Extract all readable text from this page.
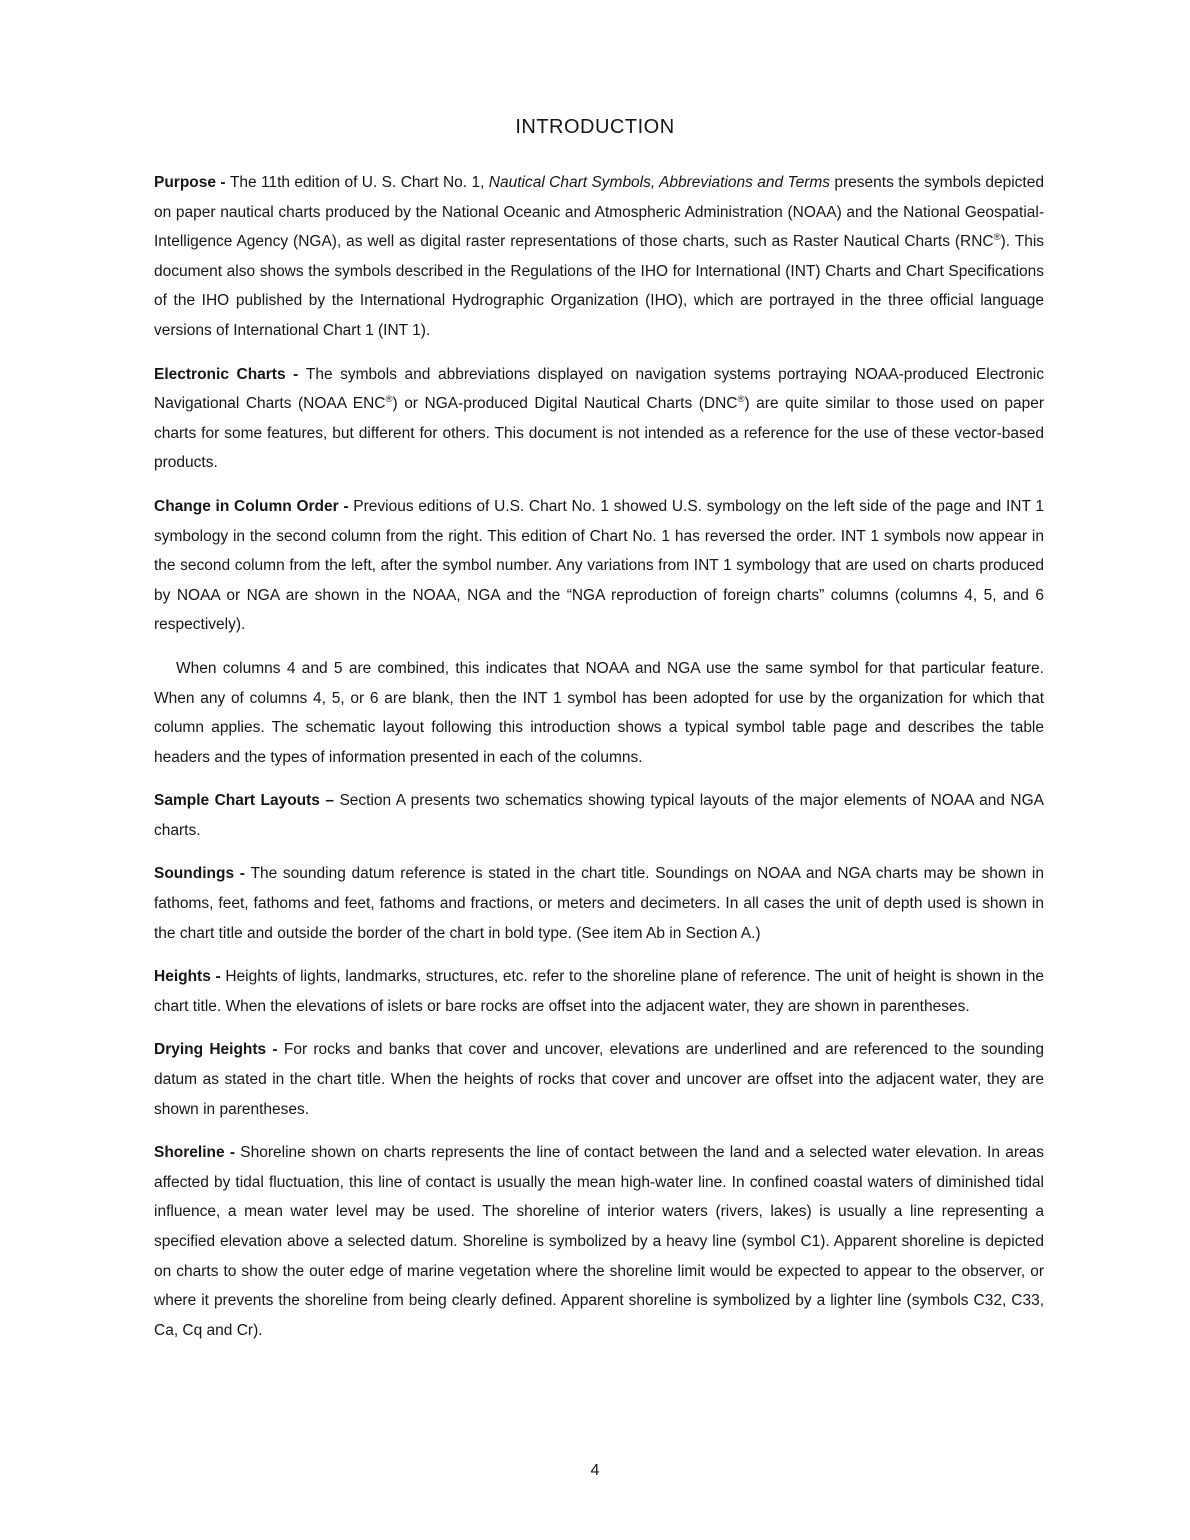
INTRODUCTION
Purpose - The 11th edition of U. S. Chart No. 1, Nautical Chart Symbols, Abbreviations and Terms presents the symbols depicted on paper nautical charts produced by the National Oceanic and Atmospheric Administration (NOAA) and the National Geospatial-Intelligence Agency (NGA), as well as digital raster representations of those charts, such as Raster Nautical Charts (RNC®). This document also shows the symbols described in the Regulations of the IHO for International (INT) Charts and Chart Specifications of the IHO published by the International Hydrographic Organization (IHO), which are portrayed in the three official language versions of International Chart 1 (INT 1).
Electronic Charts - The symbols and abbreviations displayed on navigation systems portraying NOAA-produced Electronic Navigational Charts (NOAA ENC®) or NGA-produced Digital Nautical Charts (DNC®) are quite similar to those used on paper charts for some features, but different for others. This document is not intended as a reference for the use of these vector-based products.
Change in Column Order - Previous editions of U.S. Chart No. 1 showed U.S. symbology on the left side of the page and INT 1 symbology in the second column from the right. This edition of Chart No. 1 has reversed the order. INT 1 symbols now appear in the second column from the left, after the symbol number. Any variations from INT 1 symbology that are used on charts produced by NOAA or NGA are shown in the NOAA, NGA and the “NGA reproduction of foreign charts” columns (columns 4, 5, and 6 respectively).
When columns 4 and 5 are combined, this indicates that NOAA and NGA use the same symbol for that particular feature. When any of columns 4, 5, or 6 are blank, then the INT 1 symbol has been adopted for use by the organization for which that column applies. The schematic layout following this introduction shows a typical symbol table page and describes the table headers and the types of information presented in each of the columns.
Sample Chart Layouts – Section A presents two schematics showing typical layouts of the major elements of NOAA and NGA charts.
Soundings - The sounding datum reference is stated in the chart title. Soundings on NOAA and NGA charts may be shown in fathoms, feet, fathoms and feet, fathoms and fractions, or meters and decimeters. In all cases the unit of depth used is shown in the chart title and outside the border of the chart in bold type. (See item Ab in Section A.)
Heights - Heights of lights, landmarks, structures, etc. refer to the shoreline plane of reference. The unit of height is shown in the chart title. When the elevations of islets or bare rocks are offset into the adjacent water, they are shown in parentheses.
Drying Heights - For rocks and banks that cover and uncover, elevations are underlined and are referenced to the sounding datum as stated in the chart title. When the heights of rocks that cover and uncover are offset into the adjacent water, they are shown in parentheses.
Shoreline - Shoreline shown on charts represents the line of contact between the land and a selected water elevation. In areas affected by tidal fluctuation, this line of contact is usually the mean high-water line. In confined coastal waters of diminished tidal influence, a mean water level may be used. The shoreline of interior waters (rivers, lakes) is usually a line representing a specified elevation above a selected datum. Shoreline is symbolized by a heavy line (symbol C1). Apparent shoreline is depicted on charts to show the outer edge of marine vegetation where the shoreline limit would be expected to appear to the observer, or where it prevents the shoreline from being clearly defined. Apparent shoreline is symbolized by a lighter line (symbols C32, C33, Ca, Cq and Cr).
4
